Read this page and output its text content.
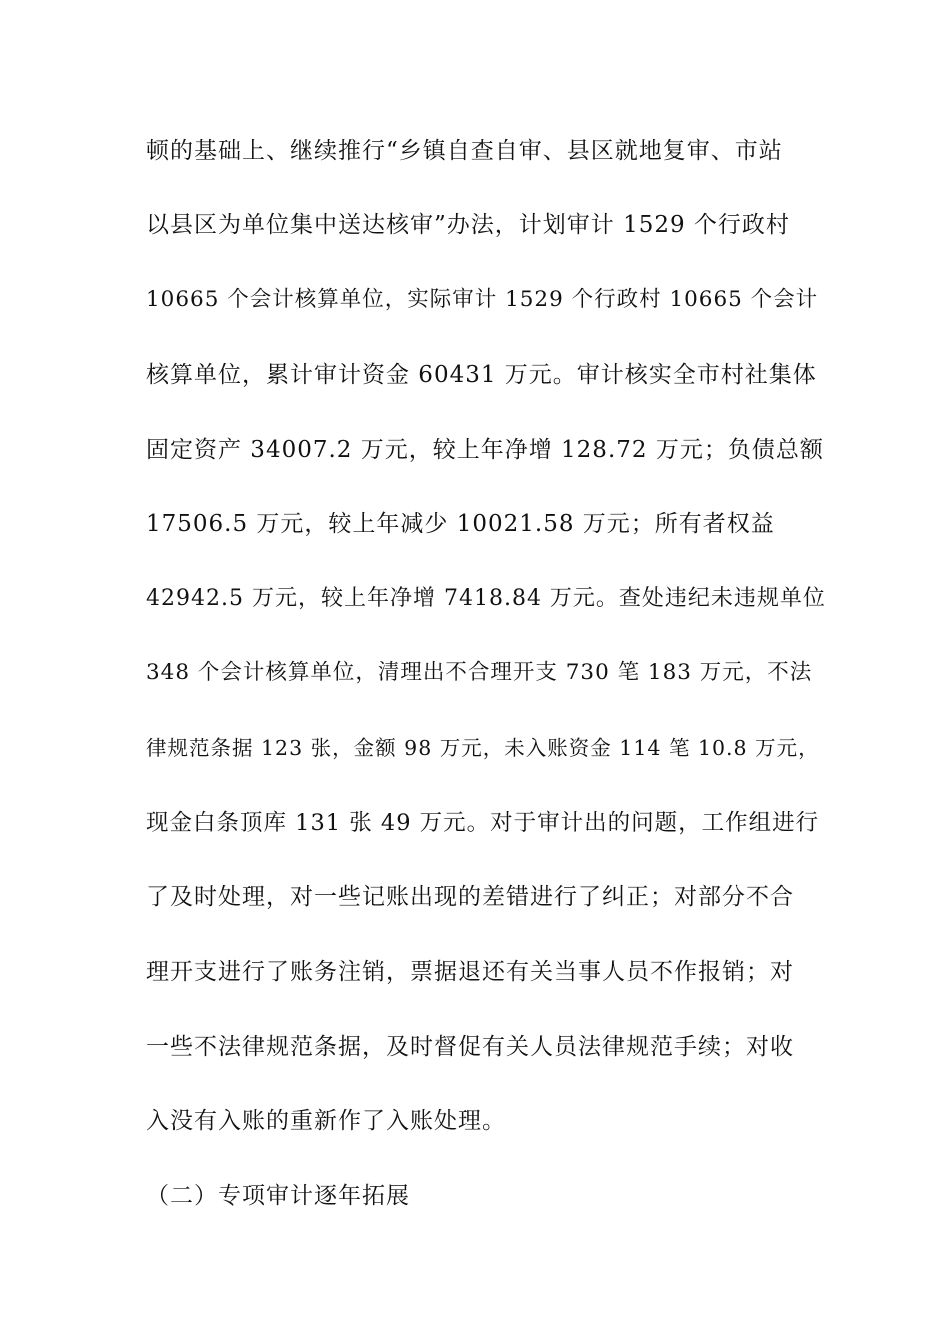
顿的基础上、继续推行“乡镇自查自审、县区就地复审、市站
以县区为单位集中送达核审”办法，计划审计 1529 个行政村
10665 个会计核算单位，实际审计 1529 个行政村 10665 个会计
核算单位，累计审计资金 60431 万元。审计核实全市村社集体
固定资产 34007.2 万元，较上年净增 128.72 万元；负债总额
17506.5 万元，较上年减少 10021.58 万元；所有者权益
42942.5 万元，较上年净增 7418.84 万元。查处违纪未违规单位
348 个会计核算单位，清理出不合理开支 730 笔 183 万元，不法
律规范条据 123 张，金额 98 万元，未入账资金 114 笔 10.8 万元，
现金白条顶库 131 张 49 万元。对于审计出的问题，工作组进行
了及时处理，对一些记账出现的差错进行了纠正；对部分不合
理开支进行了账务注销，票据退还有关当事人员不作报销；对
一些不法律规范条据，及时督促有关人员法律规范手续；对收
入没有入账的重新作了入账处理。
（二）专项审计逐年拓展
